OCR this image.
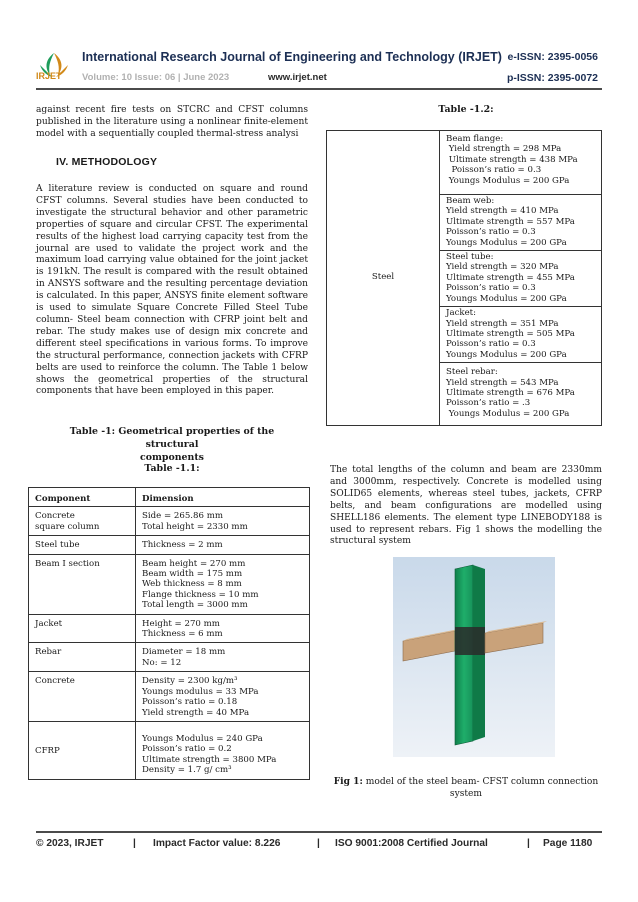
IRJET
International Research Journal of Engineering and Technology (IRJET) e-ISSN: 2395-0056
Volume: 10 Issue: 06 | June 2023	www.irjet.net	p-ISSN: 2395-0072
against recent fire tests on STCRC and CFST columns published in the literature using a nonlinear finite-element model with a sequentially coupled thermal-stress analysi
IV. METHODOLOGY
A literature review is conducted on square and round CFST columns. Several studies have been conducted to investigate the structural behavior and other parametric properties of square and circular CFST. The experimental results of the highest load carrying capacity test from the journal are used to validate the project work and the maximum load carrying value obtained for the joint jacket is 191kN. The result is compared with the result obtained in ANSYS software and the resulting percentage deviation is calculated. In this paper, ANSYS finite element software is used to simulate Square Concrete Filled Steel Tube column- Steel beam connection with CFRP joint belt and rebar. The study makes use of design mix concrete and different steel specifications in various forms. To improve the structural performance, connection jackets with CFRP belts are used to reinforce the column. The Table 1 below shows the geometrical properties of the structural components that have been employed in this paper.
Table -1: Geometrical properties of the structural
components
Table -1.1:
Component	Dimension

Concrete
square column	Side = 265.86 mm
Total height = 2330 mm

Steel tube	Thickness = 2 mm

Beam I section	Beam height = 270 mm
Beam width = 175 mm
Web thickness = 8 mm
Flange thickness = 10 mm
Total length = 3000 mm

Jacket	Height = 270 mm
Thickness = 6 mm

Rebar	Diameter = 18 mm
No: = 12

Concrete	Density = 2300 kg/m³
Youngs modulus = 33 MPa
Poisson’s ratio = 0.18
Yield strength = 40 MPa

CFRP	Youngs Modulus = 240 GPa
Poisson’s ratio = 0.2
Ultimate strength = 3800 MPa
Density = 1.7 g/ cm³
Table -1.2:
Steel	
Beam flange:
Yield strength = 298 MPa
Ultimate strength = 438 MPa
Poisson’s ratio = 0.3
Youngs Modulus = 200 GPa

Beam web:
Yield strength = 410 MPa
Ultimate strength = 557 MPa
Poisson’s ratio = 0.3
Youngs Modulus = 200 GPa

Steel tube:
Yield strength = 320 MPa
Ultimate strength = 455 MPa
Poisson’s ratio = 0.3
Youngs Modulus = 200 GPa

Jacket:
Yield strength = 351 MPa
Ultimate strength = 505 MPa
Poisson’s ratio = 0.3
Youngs Modulus = 200 GPa

Steel rebar:
Yield strength = 543 MPa
Ultimate strength = 676 MPa
Poisson’s ratio = .3
Youngs Modulus = 200 GPa
The total lengths of the column and beam are 2330mm and 3000mm, respectively. Concrete is modelled using SOLID65 elements, whereas steel tubes, jackets, CFRP belts, and beam configurations are modelled using SHELL186 elements. The element type LINEBODY188 is used to represent rebars. Fig 1 shows the modelling the structural system
Fig 1: model of the steel beam- CFST column connection system
© 2023, IRJET	| Impact Factor value: 8.226	| ISO 9001:2008 Certified Journal	| Page 1180
